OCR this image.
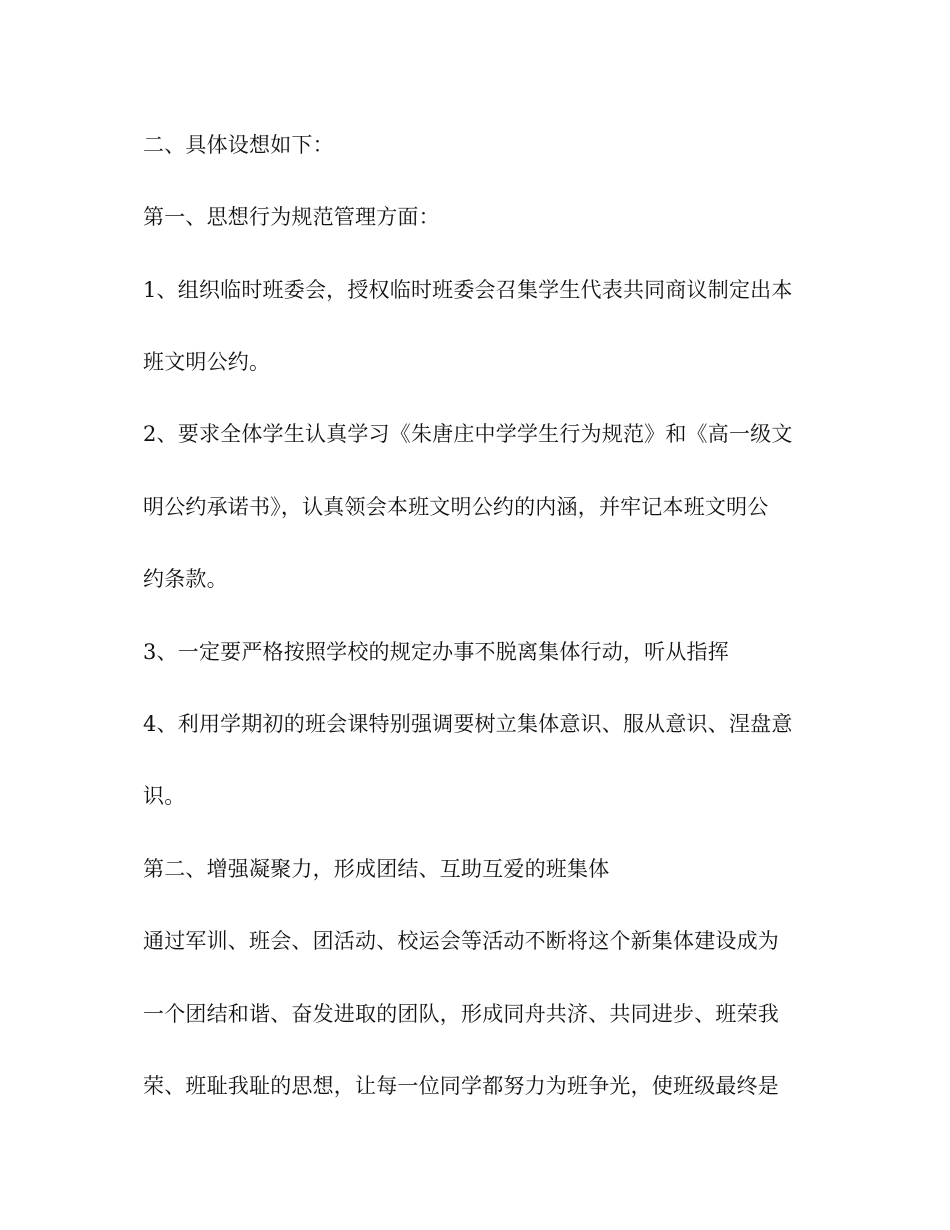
二、具体设想如下：

第一、思想行为规范管理方面：

1、组织临时班委会，授权临时班委会召集学生代表共同商议制定出本

班文明公约。

2、要求全体学生认真学习《朱唐庄中学学生行为规范》和《高一级文

明公约承诺书》，认真领会本班文明公约的内涵，并牢记本班文明公

约条款。

3、一定要严格按照学校的规定办事不脱离集体行动，听从指挥

4、利用学期初的班会课特别强调要树立集体意识、服从意识、涅盘意

识。

第二、增强凝聚力，形成团结、互助互爱的班集体

通过军训、班会、团活动、校运会等活动不断将这个新集体建设成为

一个团结和谐、奋发进取的团队，形成同舟共济、共同进步、班荣我

荣、班耻我耻的思想，让每一位同学都努力为班争光，使班级最终是
